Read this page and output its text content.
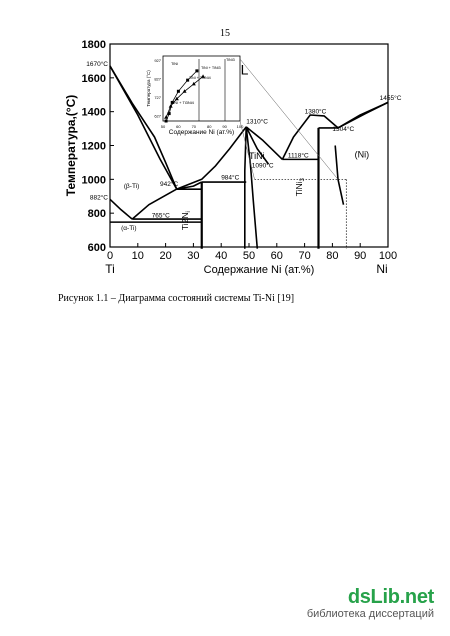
15
0 10 20 30 40 50 60 70 80 90 100
600
800
1000
1200
1400
1600
1800
Ti	Ni
1670°C
942°C
882°C
765°C
984°C
1310°C
1090°C
1118°C
1380°C
1304°C
1455°C
(β-Ti)
(α-Ti)
L
TiNi	(Ni)
$Ti2N_i$
TiNi$_3$
50	60	70	80	90 100
627
727
827
927
TiNi
TiNi + TiNi3
TiNi3
TiNi + Ti3Ni4
TiNi + Ti3Ni4
Содержание Ni (ат.%)
Температура (°C)
Содержание Ni (ат.%)
Температура,(°C)
Рисунок 1.1 – Диаграмма состояний системы Ti-Ni [19]
dsLib.net
библиотека диссертаций
